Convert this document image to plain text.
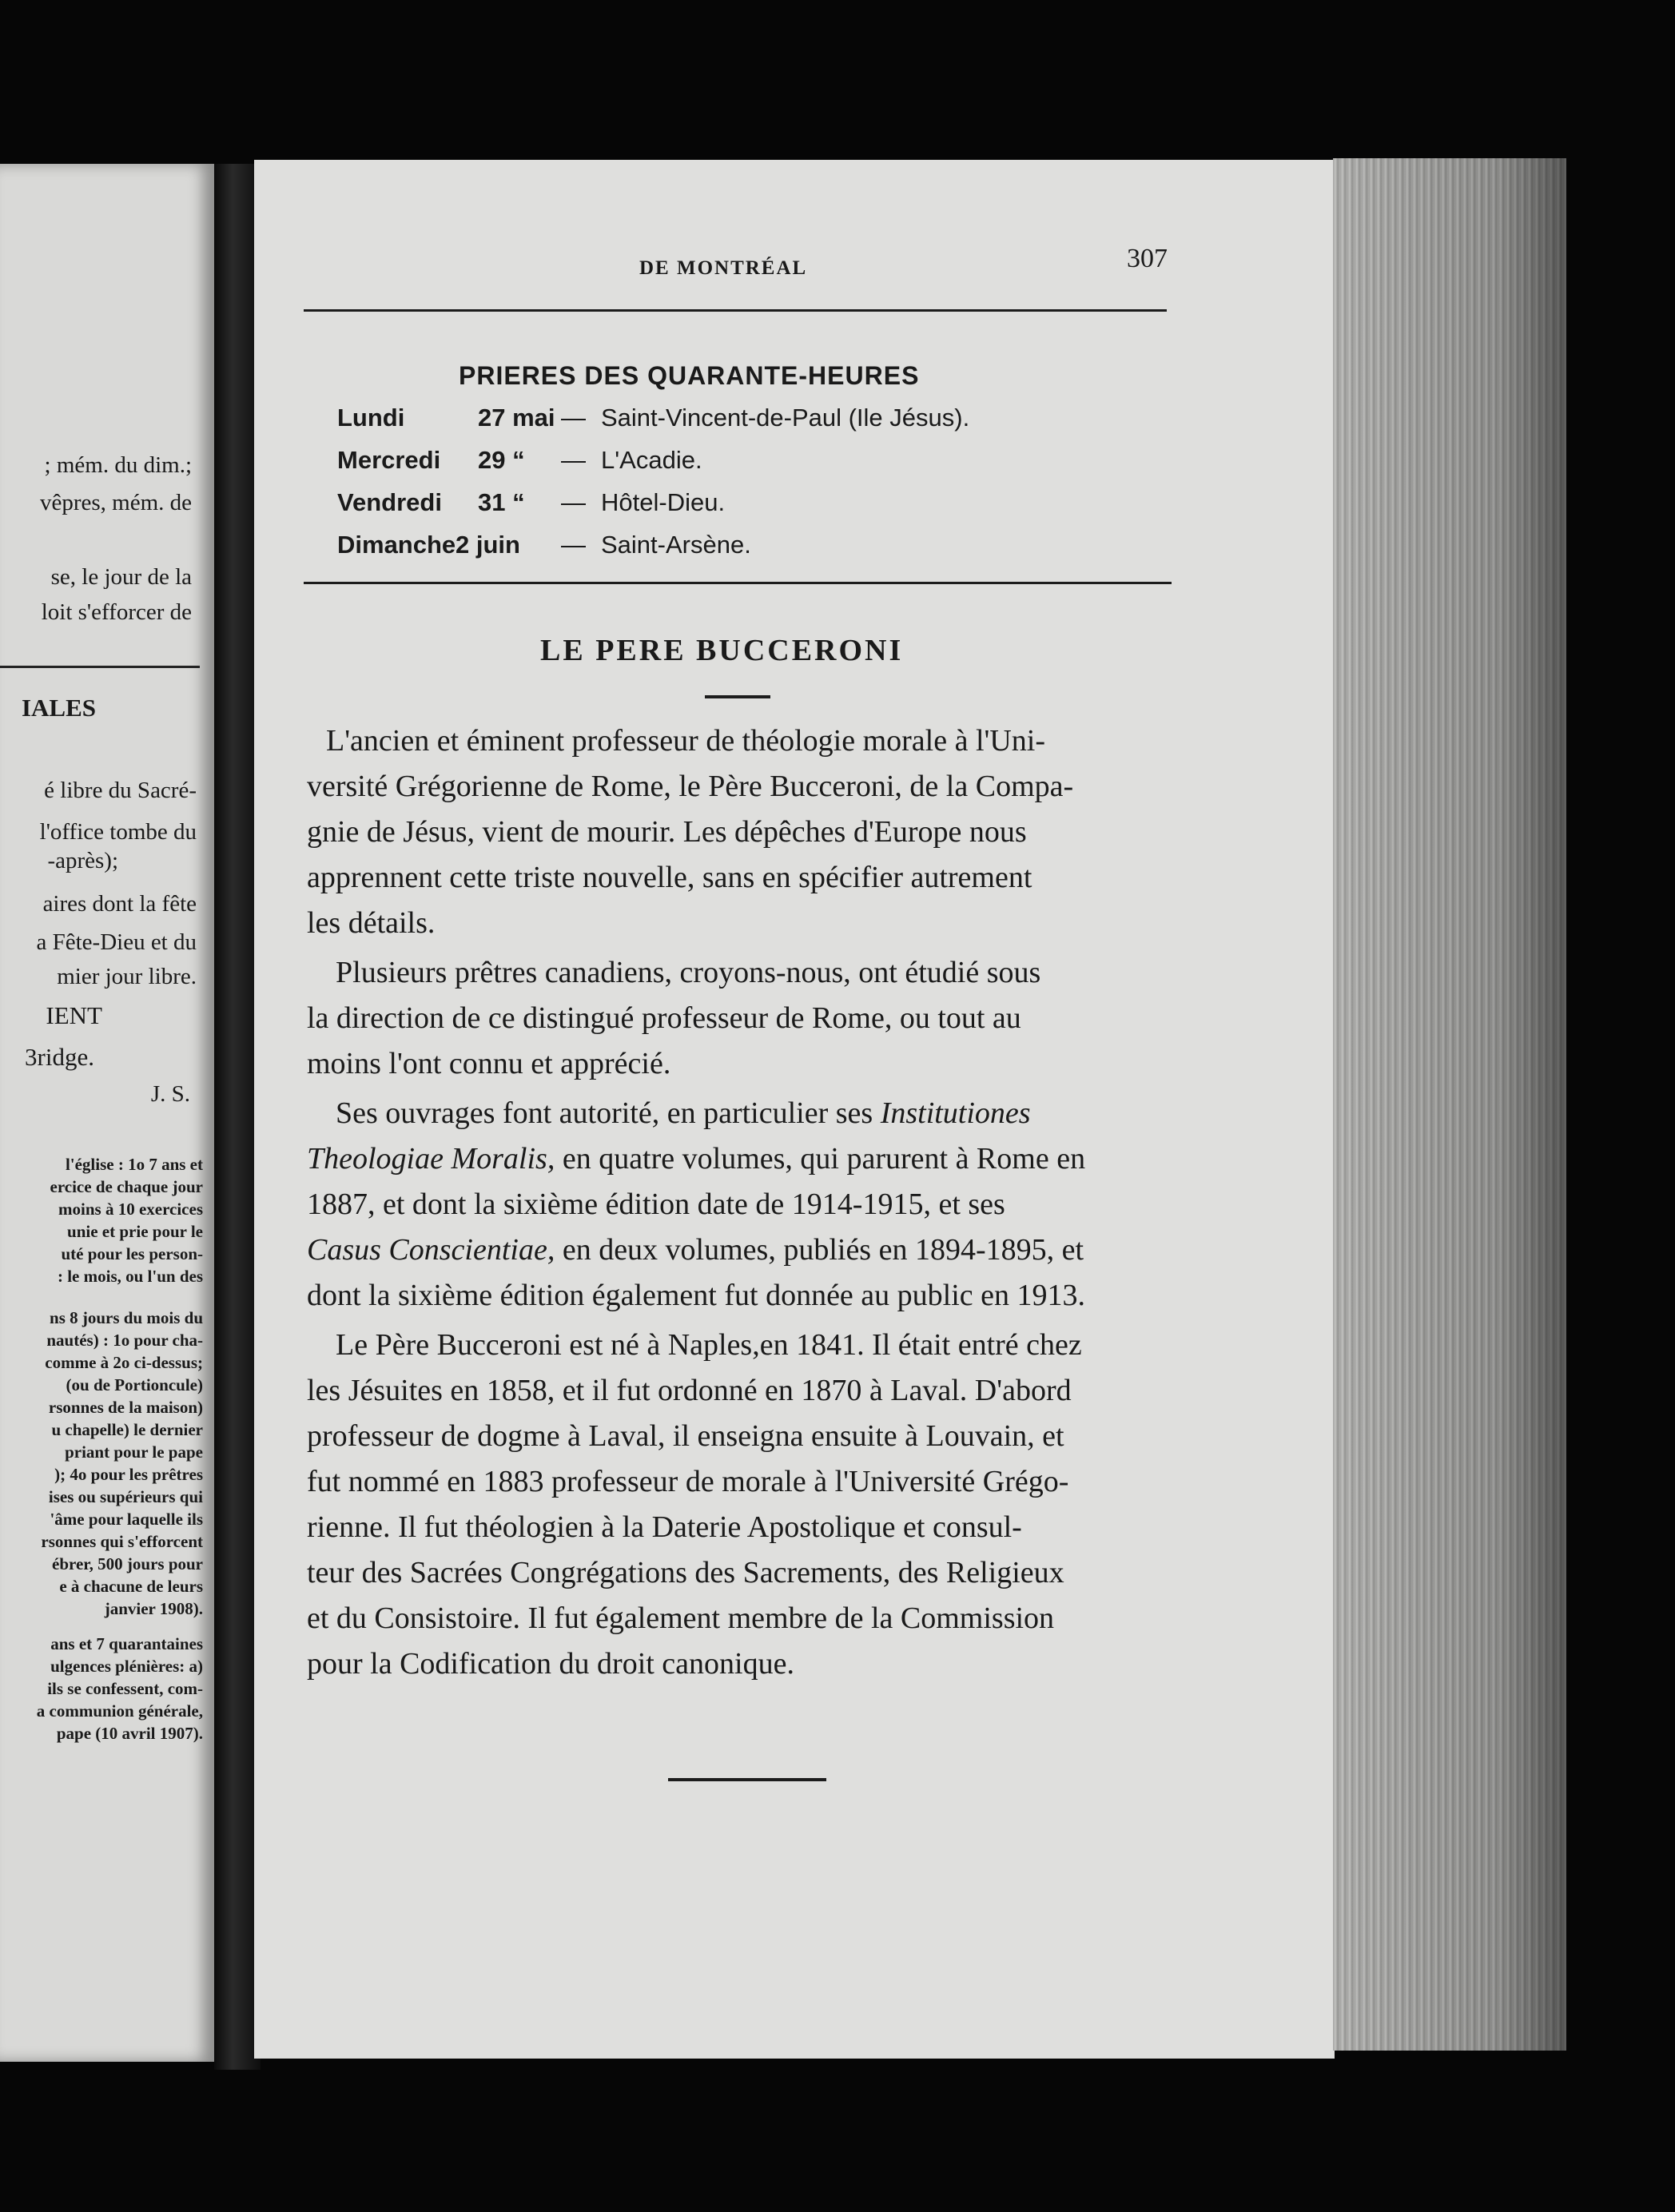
; mém. du dim.;
vêpres, mém. de
se, le jour de la
loit s'efforcer de
IALES
é libre du Sacré-
l'office tombe du
-après);
aires dont la fête
a Fête-Dieu et du
mier jour libre.
IENT
3ridge.
J. S.
l'église : 1o 7 ans et
ercice de chaque jour
moins à 10 exercices
unie et prie pour le
uté pour les person-
: le mois, ou l'un des
ns 8 jours du mois du
nautés) : 1o pour cha-
comme à 2o ci-dessus;
(ou de Portioncule)
rsonnes de la maison)
u chapelle) le dernier
priant pour le pape
); 4o pour les prêtres
ises ou supérieurs qui
'âme pour laquelle ils
rsonnes qui s'efforcent
ébrer, 500 jours pour
e à chacune de leurs
janvier 1908).
ans et 7 quarantaines
ulgences plénières: a)
ils se confessent, com-
a communion générale,
pape (10 avril 1907).
DE MONTRÉAL	307
PRIERES DES QUARANTE-HEURES
Lundi	27 mai — Saint-Vincent-de-Paul (Ile Jésus).
Mercredi 29 “ — L'Acadie.
Vendredi 31 “ — Hôtel-Dieu.
Dimanche 2 juin — Saint-Arsène.
LE PERE BUCCERONI
L'ancien et éminent professeur de théologie morale à l'Uni-
versité Grégorienne de Rome, le Père Bucceroni, de la Compa-
gnie de Jésus, vient de mourir. Les dépêches d'Europe nous
apprennent cette triste nouvelle, sans en spécifier autrement
les détails.
Plusieurs prêtres canadiens, croyons-nous, ont étudié sous
la direction de ce distingué professeur de Rome, ou tout au
moins l'ont connu et apprécié.
Ses ouvrages font autorité, en particulier ses Institutiones
Theologiae Moralis, en quatre volumes, qui parurent à Rome en
1887, et dont la sixième édition date de 1914-1915, et ses
Casus Conscientiae, en deux volumes, publiés en 1894-1895, et
dont la sixième édition également fut donnée au public en 1913.
Le Père Bucceroni est né à Naples,en 1841. Il était entré chez
les Jésuites en 1858, et il fut ordonné en 1870 à Laval. D'abord
professeur de dogme à Laval, il enseigna ensuite à Louvain, et
fut nommé en 1883 professeur de morale à l'Université Grégo-
rienne. Il fut théologien à la Daterie Apostolique et consul-
teur des Sacrées Congrégations des Sacrements, des Religieux
et du Consistoire. Il fut également membre de la Commission
pour la Codification du droit canonique.
